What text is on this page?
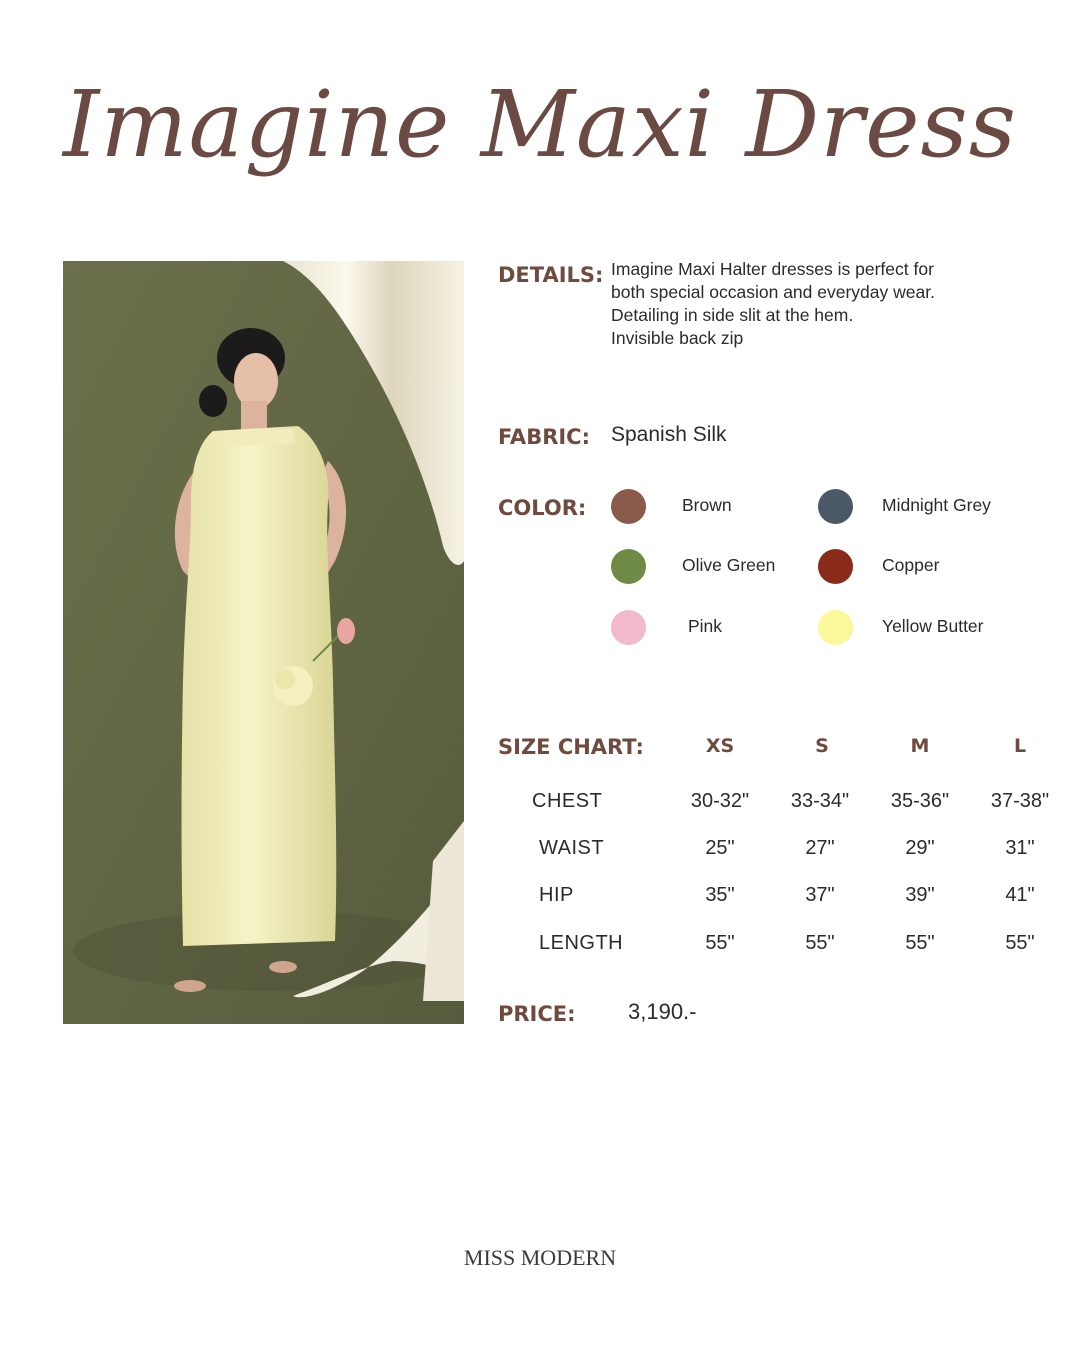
Imagine Maxi Dress
DETAILS: Imagine Maxi Halter dresses is perfect for
both special occasion and everyday wear.
Detailing in side slit at the hem.
Invisible back zip
FABRIC: Spanish Silk
COLOR:	Brown	Midnight Grey
Olive Green	Copper
Pink	Yellow Butter
SIZE CHART:	XS	S	M	L
CHEST	30-32"	33-34"	35-36"	37-38"
WAIST	25"	27"	29"	31"
HIP	35"	37"	39"	41"
LENGTH	55"	55"	55"	55"
PRICE: 3,190.-
MISS MODERN
